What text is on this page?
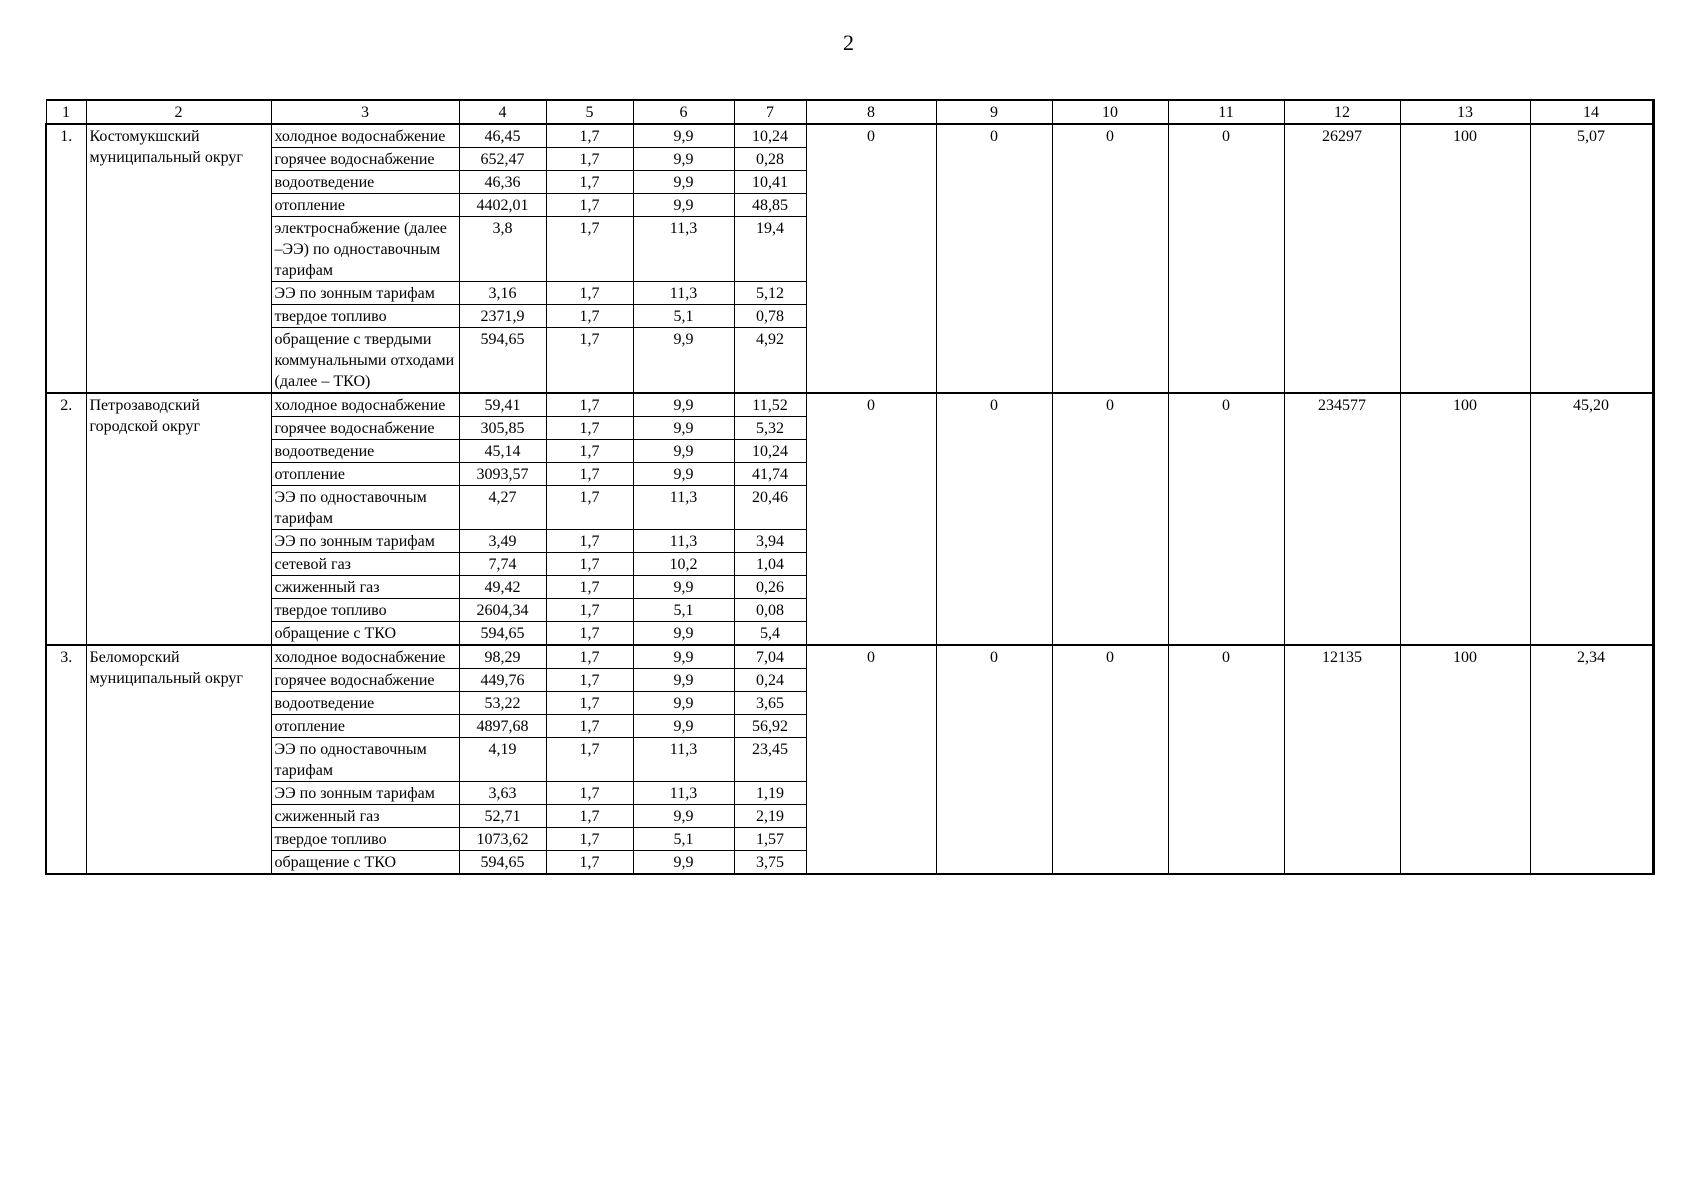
2
1	2	3	4	5	6	7	8	9	10	11	12	13	14
1.	Костомукшский муниципальный округ	холодное водоснабжение	46,45	1,7	9,9	10,24	0	0	0	0	26297	100	5,07
		горячее водоснабжение	652,47	1,7	9,9	0,28							
		водоотведение	46,36	1,7	9,9	10,41							
		отопление	4402,01	1,7	9,9	48,85							
		электроснабжение (далее –ЭЭ) по одноставочным тарифам	3,8	1,7	11,3	19,4							
		ЭЭ по зонным тарифам	3,16	1,7	11,3	5,12							
		твердое топливо	2371,9	1,7	5,1	0,78							
		обращение с твердыми коммунальными отходами (далее – ТКО)	594,65	1,7	9,9	4,92							
2.	Петрозаводский городской округ	холодное водоснабжение	59,41	1,7	9,9	11,52	0	0	0	0	234577	100	45,20
		горячее водоснабжение	305,85	1,7	9,9	5,32							
		водоотведение	45,14	1,7	9,9	10,24							
		отопление	3093,57	1,7	9,9	41,74							
		ЭЭ по одноставочным тарифам	4,27	1,7	11,3	20,46							
		ЭЭ по зонным тарифам	3,49	1,7	11,3	3,94							
		сетевой газ	7,74	1,7	10,2	1,04							
		сжиженный газ	49,42	1,7	9,9	0,26							
		твердое топливо	2604,34	1,7	5,1	0,08							
		обращение с ТКО	594,65	1,7	9,9	5,4							
3.	Беломорский муниципальный округ	холодное водоснабжение	98,29	1,7	9,9	7,04	0	0	0	0	12135	100	2,34
		горячее водоснабжение	449,76	1,7	9,9	0,24							
		водоотведение	53,22	1,7	9,9	3,65							
		отопление	4897,68	1,7	9,9	56,92							
		ЭЭ по одноставочным тарифам	4,19	1,7	11,3	23,45							
		ЭЭ по зонным тарифам	3,63	1,7	11,3	1,19							
		сжиженный газ	52,71	1,7	9,9	2,19							
		твердое топливо	1073,62	1,7	5,1	1,57							
		обращение с ТКО	594,65	1,7	9,9	3,75							
